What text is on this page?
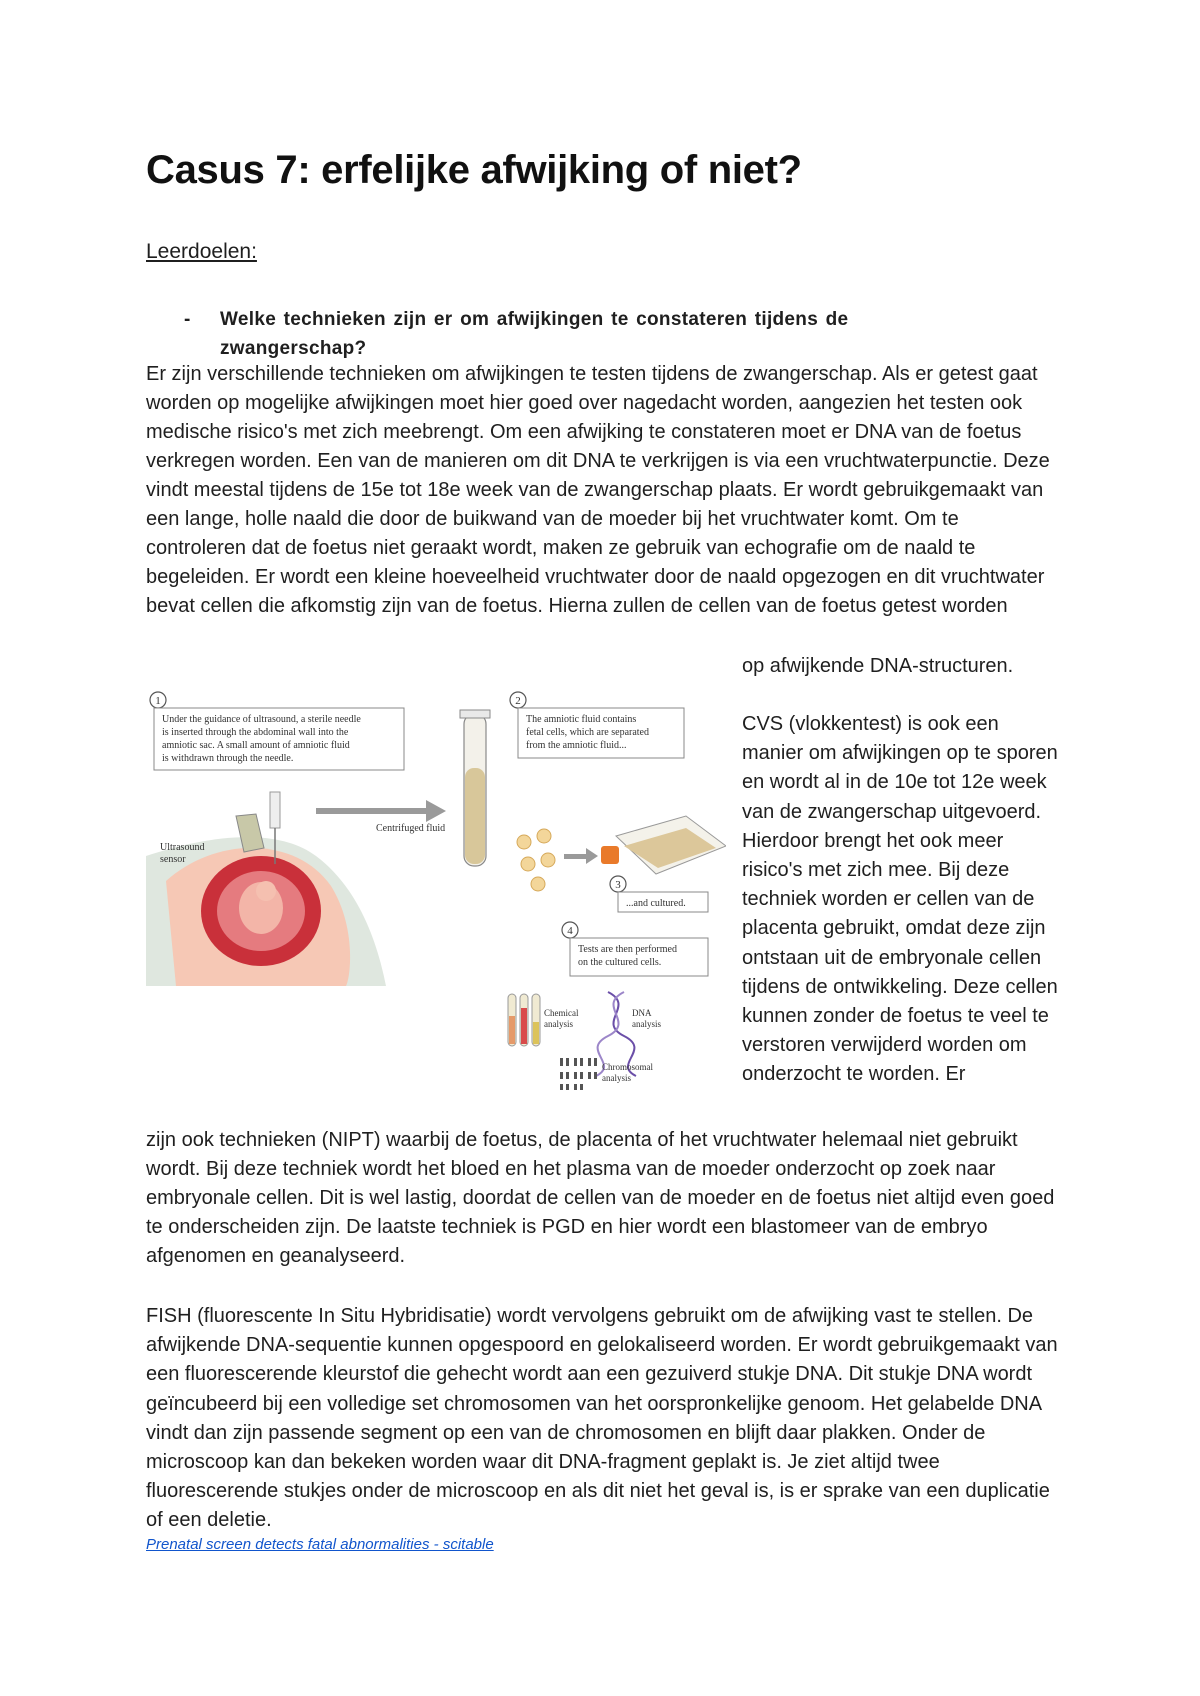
Casus 7: erfelijke afwijking of niet?
Leerdoelen:
- Welke technieken zijn er om afwijkingen te constateren tijdens de zwangerschap?

Er zijn verschillende technieken om afwijkingen te testen tijdens de zwangerschap. Als er getest gaat worden op mogelijke afwijkingen moet hier goed over nagedacht worden, aangezien het testen ook medische risico's met zich meebrengt. Om een afwijking te constateren moet er DNA van de foetus verkregen worden. Een van de manieren om dit DNA te verkrijgen is via een vruchtwaterpunctie. Deze vindt meestal tijdens de 15e tot 18e week van de zwangerschap plaats. Er wordt gebruikgemaakt van een lange, holle naald die door de buikwand van de moeder bij het vruchtwater komt. Om te controleren dat de foetus niet geraakt wordt, maken ze gebruik van echografie om de naald te begeleiden. Er wordt een kleine hoeveelheid vruchtwater door de naald opgezogen en dit vruchtwater bevat cellen die afkomstig zijn van de foetus. Hierna zullen de cellen van de foetus getest worden

op afwijkende DNA-structuren.
1
Under the guidance of ultrasound, a sterile needle
is inserted through the abdominal wall into the
amniotic sac. A small amount of amniotic fluid
is withdrawn through the needle.
2
The amniotic fluid contains
fetal cells, which are separated
from the amniotic fluid...
Centrifuged fluid
3
...and cultured.
4
Tests are then performed
on the cultured cells.
Ultrasound
sensor
Chemical
analysis
DNA
analysis
Chromosomal
analysis

CVS (vlokkentest) is ook een manier om afwijkingen op te sporen en wordt al in de 10e tot 12e week van de zwangerschap uitgevoerd. Hierdoor brengt het ook meer risico's met zich mee. Bij deze techniek worden er cellen van de placenta gebruikt, omdat deze zijn ontstaan uit de embryonale cellen tijdens de ontwikkeling. Deze cellen kunnen zonder de foetus te veel te verstoren verwijderd worden om onderzocht te worden. Er

zijn ook technieken (NIPT) waarbij de foetus, de placenta of het vruchtwater helemaal niet gebruikt wordt. Bij deze techniek wordt het bloed en het plasma van de moeder onderzocht op zoek naar embryonale cellen. Dit is wel lastig, doordat de cellen van de moeder en de foetus niet altijd even goed te onderscheiden zijn. De laatste techniek is PGD en hier wordt een blastomeer van de embryo afgenomen en geanalyseerd.

FISH (fluorescente In Situ Hybridisatie) wordt vervolgens gebruikt om de afwijking vast te stellen. De afwijkende DNA-sequentie kunnen opgespoord en gelokaliseerd worden. Er wordt gebruikgemaakt van een fluorescerende kleurstof die gehecht wordt aan een gezuiverd stukje DNA. Dit stukje DNA wordt geïncubeerd bij een volledige set chromosomen van het oorspronkelijke genoom. Het gelabelde DNA vindt dan zijn passende segment op een van de chromosomen en blijft daar plakken. Onder de microscoop kan dan bekeken worden waar dit DNA-fragment geplakt is. Je ziet altijd twee fluorescerende stukjes onder de microscoop en als dit niet het geval is, is er sprake van een duplicatie of een deletie.

Prenatal screen detects fatal abnormalities - scitable
